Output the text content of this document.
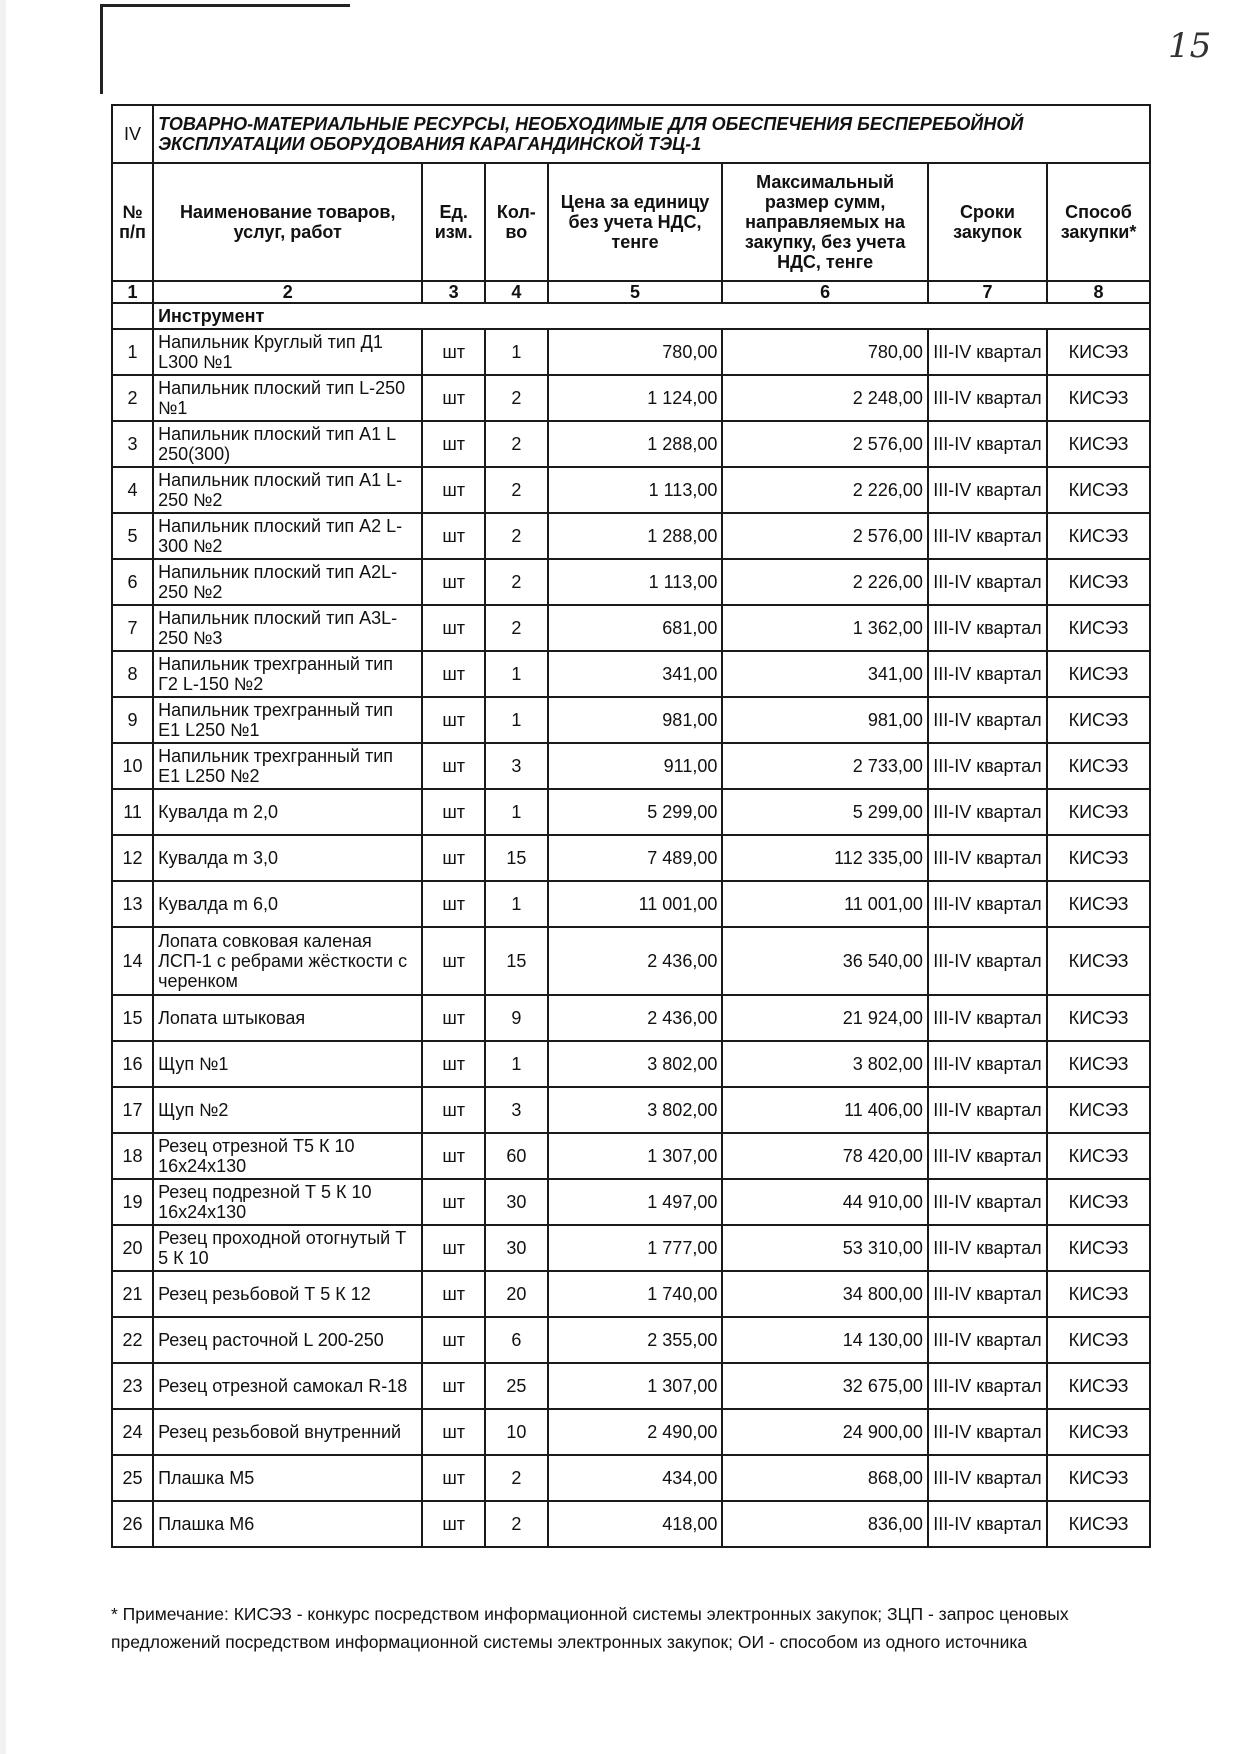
15
IV	ТОВАРНО-МАТЕРИАЛЬНЫЕ РЕСУРСЫ, НЕОБХОДИМЫЕ ДЛЯ ОБЕСПЕЧЕНИЯ БЕСПЕРЕБОЙНОЙ ЭКСПЛУАТАЦИИ ОБОРУДОВАНИЯ КАРАГАНДИНСКОЙ ТЭЦ-1						
№ п/п	Наименование товаров, услуг, работ	Ед. изм.	Кол-во	Цена за единицу без учета НДС, тенге	Максимальный размер сумм, направляемых на закупку, без учета НДС, тенге	Сроки закупок	Способ закупки*
1	2	3	4	5	6	7	8
	Инструмент						
1	Напильник Круглый тип Д1 L300 №1	шт	1	780,00	780,00	III-IV квартал	КИСЭЗ
2	Напильник плоский тип L-250 №1	шт	2	1 124,00	2 248,00	III-IV квартал	КИСЭЗ
3	Напильник плоский тип А1 L 250(300)	шт	2	1 288,00	2 576,00	III-IV квартал	КИСЭЗ
4	Напильник плоский тип А1 L-250 №2	шт	2	1 113,00	2 226,00	III-IV квартал	КИСЭЗ
5	Напильник плоский тип А2 L-300 №2	шт	2	1 288,00	2 576,00	III-IV квартал	КИСЭЗ
6	Напильник плоский тип А2L-250 №2	шт	2	1 113,00	2 226,00	III-IV квартал	КИСЭЗ
7	Напильник плоский тип А3L-250 №3	шт	2	681,00	1 362,00	III-IV квартал	КИСЭЗ
8	Напильник трехгранный тип Г2 L-150 №2	шт	1	341,00	341,00	III-IV квартал	КИСЭЗ
9	Напильник трехгранный тип Е1 L250 №1	шт	1	981,00	981,00	III-IV квартал	КИСЭЗ
10	Напильник трехгранный тип Е1 L250 №2	шт	3	911,00	2 733,00	III-IV квартал	КИСЭЗ
11	Кувалда m 2,0	шт	1	5 299,00	5 299,00	III-IV квартал	КИСЭЗ
12	Кувалда m 3,0	шт	15	7 489,00	112 335,00	III-IV квартал	КИСЭЗ
13	Кувалда m 6,0	шт	1	11 001,00	11 001,00	III-IV квартал	КИСЭЗ
14	Лопата совковая каленая ЛСП-1 с ребрами жёсткости с черенком	шт	15	2 436,00	36 540,00	III-IV квартал	КИСЭЗ
15	Лопата штыковая	шт	9	2 436,00	21 924,00	III-IV квартал	КИСЭЗ
16	Щуп №1	шт	1	3 802,00	3 802,00	III-IV квартал	КИСЭЗ
17	Щуп №2	шт	3	3 802,00	11 406,00	III-IV квартал	КИСЭЗ
18	Резец отрезной Т5 К 10 16х24х130	шт	60	1 307,00	78 420,00	III-IV квартал	КИСЭЗ
19	Резец подрезной Т 5 К 10 16х24х130	шт	30	1 497,00	44 910,00	III-IV квартал	КИСЭЗ
20	Резец проходной отогнутый Т 5 К 10	шт	30	1 777,00	53 310,00	III-IV квартал	КИСЭЗ
21	Резец резьбовой Т 5 К 12	шт	20	1 740,00	34 800,00	III-IV квартал	КИСЭЗ
22	Резец расточной L 200-250	шт	6	2 355,00	14 130,00	III-IV квартал	КИСЭЗ
23	Резец отрезной самокал R-18	шт	25	1 307,00	32 675,00	III-IV квартал	КИСЭЗ
24	Резец резьбовой внутренний	шт	10	2 490,00	24 900,00	III-IV квартал	КИСЭЗ
25	Плашка М5	шт	2	434,00	868,00	III-IV квартал	КИСЭЗ
26	Плашка М6	шт	2	418,00	836,00	III-IV квартал	КИСЭЗ
* Примечание: КИСЭЗ - конкурс посредством информационной системы электронных закупок; ЗЦП - запрос ценовых предложений посредством информационной системы электронных закупок; ОИ - способом из одного источника
